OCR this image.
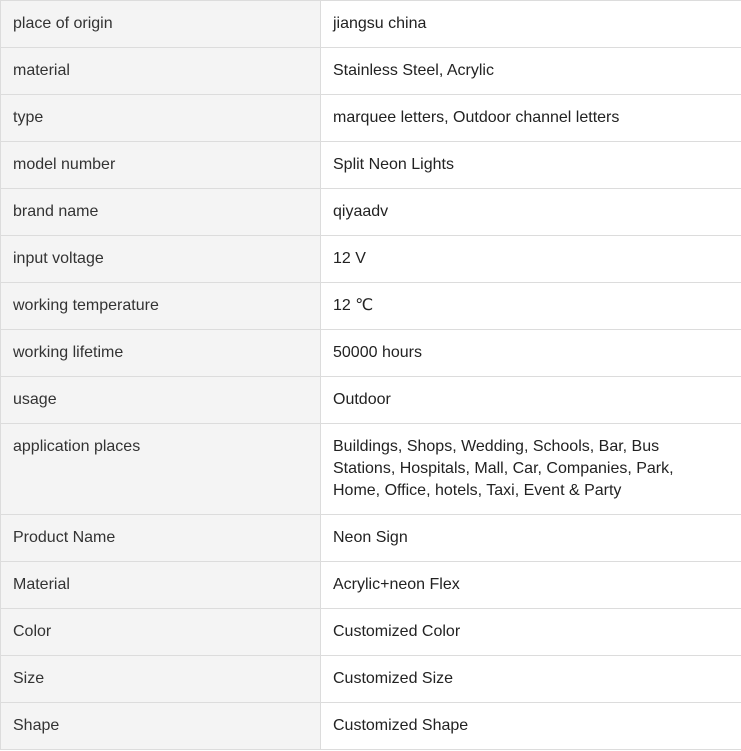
place of origin	jiangsu china
material	Stainless Steel, Acrylic
type	marquee letters, Outdoor channel letters
model number	Split Neon Lights
brand name	qiyaadv
input voltage	12 V
working temperature	12 ℃
working lifetime	50000 hours
usage	Outdoor
application places	Buildings, Shops, Wedding, Schools, Bar, Bus Stations, Hospitals, Mall, Car, Companies, Park, Home, Office, hotels, Taxi, Event & Party
Product Name	Neon Sign
Material	Acrylic+neon Flex
Color	Customized Color
Size	Customized Size
Shape	Customized Shape
